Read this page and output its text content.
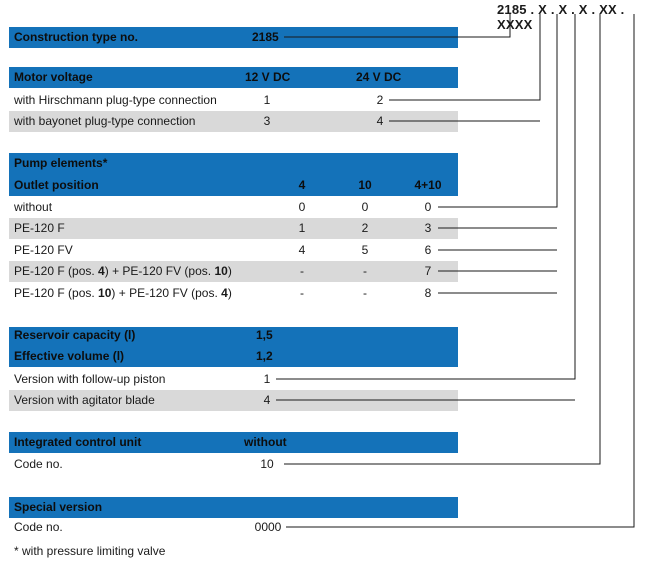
2185 . X . X . X . XX . XXXX
Construction type no.	2185
Motor voltage	12 V DC	24 V DC
with Hirschmann plug-type connection	1	2
with bayonet plug-type connection	3	4
Pump elements*
Outlet position	4	10	4+10
without	0	0	0
PE-120 F	1	2	3
PE-120 FV	4	5	6
PE-120 F (pos. 4) + PE-120 FV (pos. 10)	-	-	7
PE-120 F (pos. 10) + PE-120 FV (pos. 4)	-	-	8
Reservoir capacity (l)	1,5
Effective volume (l)	1,2
Version with follow-up piston	1
Version with agitator blade	4
Integrated control unit	without
Code no.	10
Special version
Code no.	0000
* with pressure limiting valve
